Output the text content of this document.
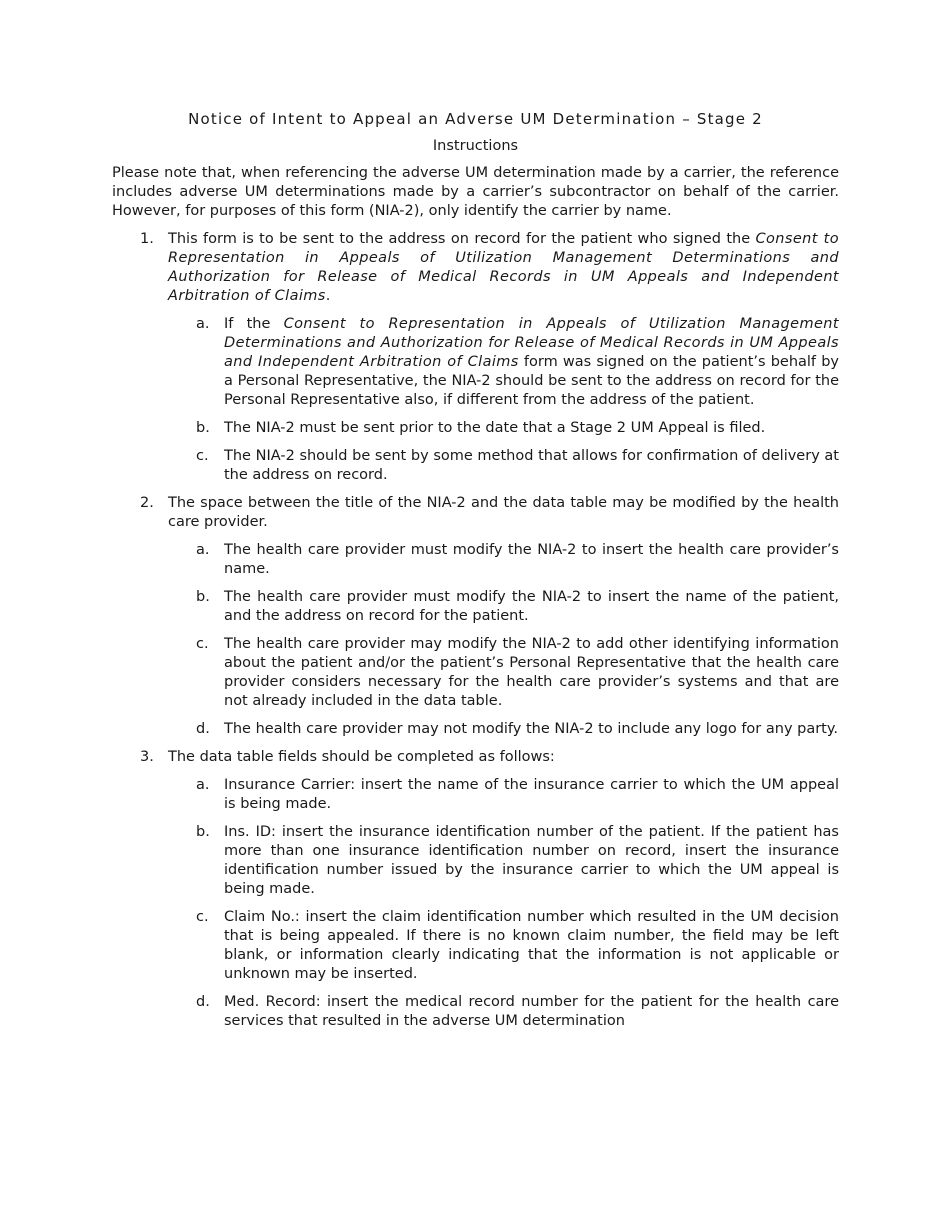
Notice of Intent to Appeal an Adverse UM Determination – Stage 2
Instructions

Please note that, when referencing the adverse UM determination made by a carrier, the reference includes adverse UM determinations made by a carrier’s subcontractor on behalf of the carrier. However, for purposes of this form (NIA-2), only identify the carrier by name.

1. This form is to be sent to the address on record for the patient who signed the Consent to Representation in Appeals of Utilization Management Determinations and Authorization for Release of Medical Records in UM Appeals and Independent Arbitration of Claims.

a. If the Consent to Representation in Appeals of Utilization Management Determinations and Authorization for Release of Medical Records in UM Appeals and Independent Arbitration of Claims form was signed on the patient’s behalf by a Personal Representative, the NIA-2 should be sent to the address on record for the Personal Representative also, if different from the address of the patient.

b. The NIA-2 must be sent prior to the date that a Stage 2 UM Appeal is filed.

c. The NIA-2 should be sent by some method that allows for confirmation of delivery at the address on record.

2. The space between the title of the NIA-2 and the data table may be modified by the health care provider.

a. The health care provider must modify the NIA-2 to insert the health care provider’s name.

b. The health care provider must modify the NIA-2 to insert the name of the patient, and the address on record for the patient.

c. The health care provider may modify the NIA-2 to add other identifying information about the patient and/or the patient’s Personal Representative that the health care provider considers necessary for the health care provider’s systems and that are not already included in the data table.

d. The health care provider may not modify the NIA-2 to include any logo for any party.

3. The data table fields should be completed as follows:

a. Insurance Carrier: insert the name of the insurance carrier to which the UM appeal is being made.

b. Ins. ID: insert the insurance identification number of the patient. If the patient has more than one insurance identification number on record, insert the insurance identification number issued by the insurance carrier to which the UM appeal is being made.

c. Claim No.: insert the claim identification number which resulted in the UM decision that is being appealed. If there is no known claim number, the field may be left blank, or information clearly indicating that the information is not applicable or unknown may be inserted.

d. Med. Record: insert the medical record number for the patient for the health care services that resulted in the adverse UM determination
